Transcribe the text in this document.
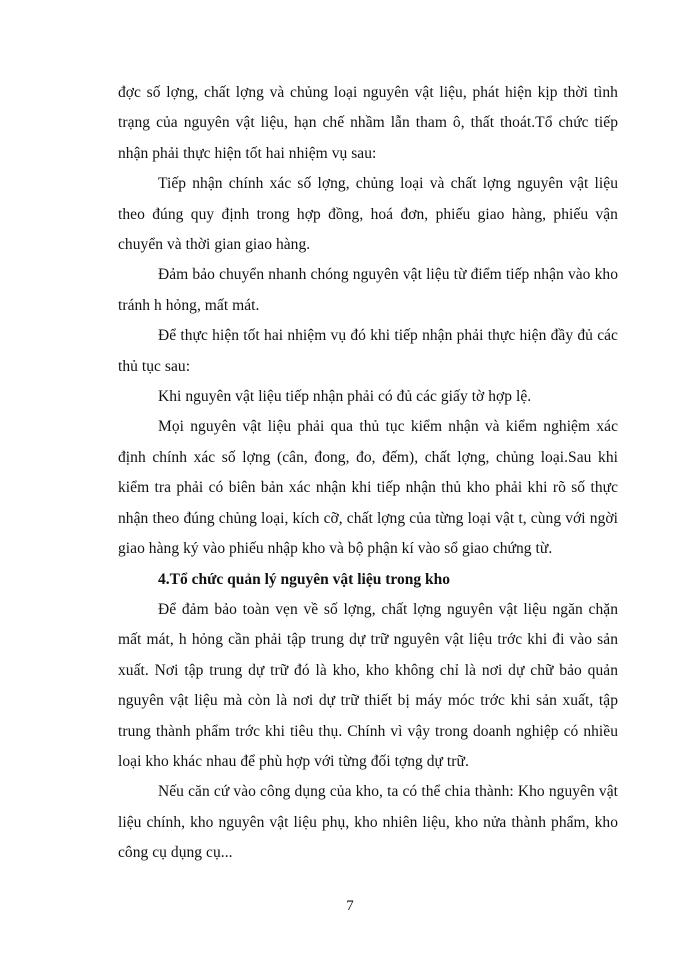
đợc số lợng, chất lợng và chủng loại nguyên vật liệu, phát hiện kịp thời tình trạng của nguyên vật liệu, hạn chế nhầm lẫn tham ô, thất thoát.Tổ chức tiếp nhận phải thực hiện tốt hai nhiệm vụ sau:

Tiếp nhận chính xác số lợng, chủng loại và chất lợng nguyên vật liệu theo đúng quy định trong hợp đồng, hoá đơn, phiếu giao hàng, phiếu vận chuyển và thời gian giao hàng.

Đảm bảo chuyển nhanh chóng nguyên vật liệu từ điểm tiếp nhận vào kho tránh h hỏng, mất mát.

Để thực hiện tốt hai nhiệm vụ đó khi tiếp nhận phải thực hiện đầy đủ các thủ tục sau:

Khi nguyên vật liệu tiếp nhận phải có đủ các giấy tờ hợp lệ.

Mọi nguyên vật liệu phải qua thủ tục kiểm nhận và kiểm nghiệm xác định chính xác số lợng (cân, đong, đo, đếm), chất lợng, chủng loại.Sau khi kiểm tra phải có biên bản xác nhận khi tiếp nhận thủ kho phải khi rõ số thực nhận theo đúng chủng loại, kích cỡ, chất lợng của từng loại vật t, cùng với ngời giao hàng ký vào phiếu nhập kho và bộ phận kí vào sổ giao chứng từ.

4.Tổ chức quản lý nguyên vật liệu trong kho

Để đảm bảo toàn vẹn về số lợng, chất lợng nguyên vật liệu ngăn chặn mất mát, h hỏng cần phải tập trung dự trữ nguyên vật liệu trớc khi đi vào sản xuất. Nơi tập trung dự trữ đó là kho, kho không chỉ là nơi dự chữ bảo quản nguyên vật liệu mà còn là nơi dự trữ thiết bị máy móc trớc khi sản xuất, tập trung thành phẩm trớc khi tiêu thụ. Chính vì vậy trong doanh nghiệp có nhiều loại kho khác nhau để phù hợp với từng đối tợng dự trữ.

Nếu căn cứ vào công dụng của kho, ta có thể chia thành: Kho nguyên vật liệu chính, kho nguyên vật liệu phụ, kho nhiên liệu, kho nửa thành phẩm, kho công cụ dụng cụ...

7
